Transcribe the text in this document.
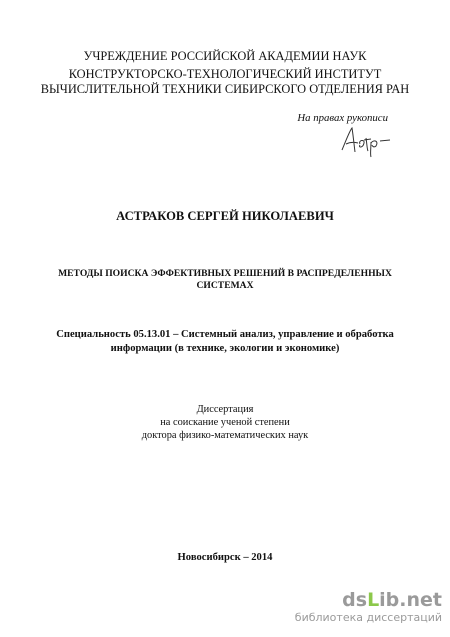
УЧРЕЖДЕНИЕ РОССИЙСКОЙ АКАДЕМИИ НАУК
КОНСТРУКТОРСКО-ТЕХНОЛОГИЧЕСКИЙ ИНСТИТУТ
ВЫЧИСЛИТЕЛЬНОЙ ТЕХНИКИ СИБИРСКОГО ОТДЕЛЕНИЯ РАН
На правах рукописи
АСТРАКОВ СЕРГЕЙ НИКОЛАЕВИЧ
МЕТОДЫ ПОИСКА ЭФФЕКТИВНЫХ РЕШЕНИЙ В РАСПРЕДЕЛЕННЫХ
СИСТЕМАХ
Специальность 05.13.01 – Системный анализ, управление и обработка
информации (в технике, экологии и экономике)
Диссертация
на соискание ученой степени
доктора физико-математических наук
Новосибирск – 2014
dsLib.net
библиотека диссертаций
